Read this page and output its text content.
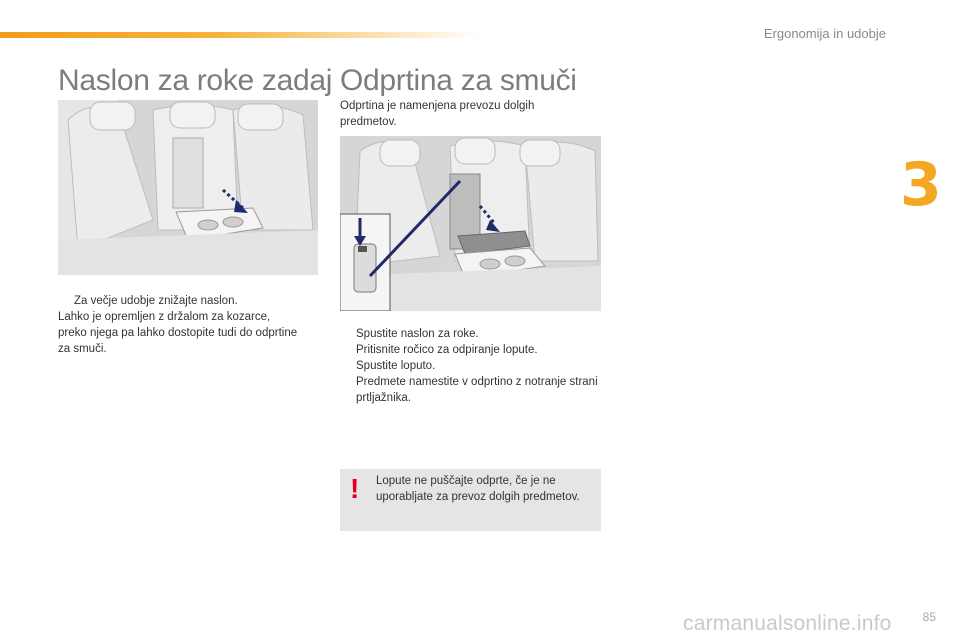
Ergonomija in udobje
3
Naslon za roke zadaj Odprtina za smuči
Odprtina je namenjena prevozu dolgih
predmetov.
Za večje udobje znižajte naslon.
Lahko je opremljen z držalom za kozarce,
preko njega pa lahko dostopite tudi do odprtine
za smuči.
Spustite naslon za roke.
Pritisnite ročico za odpiranje lopute.
Spustite loputo.
Predmete namestite v odprtino z notranje strani prtljažnika.
! Lopute ne puščajte odprte, če je ne
uporabljate za prevoz dolgih predmetov.
85
carmanualsonline.info
